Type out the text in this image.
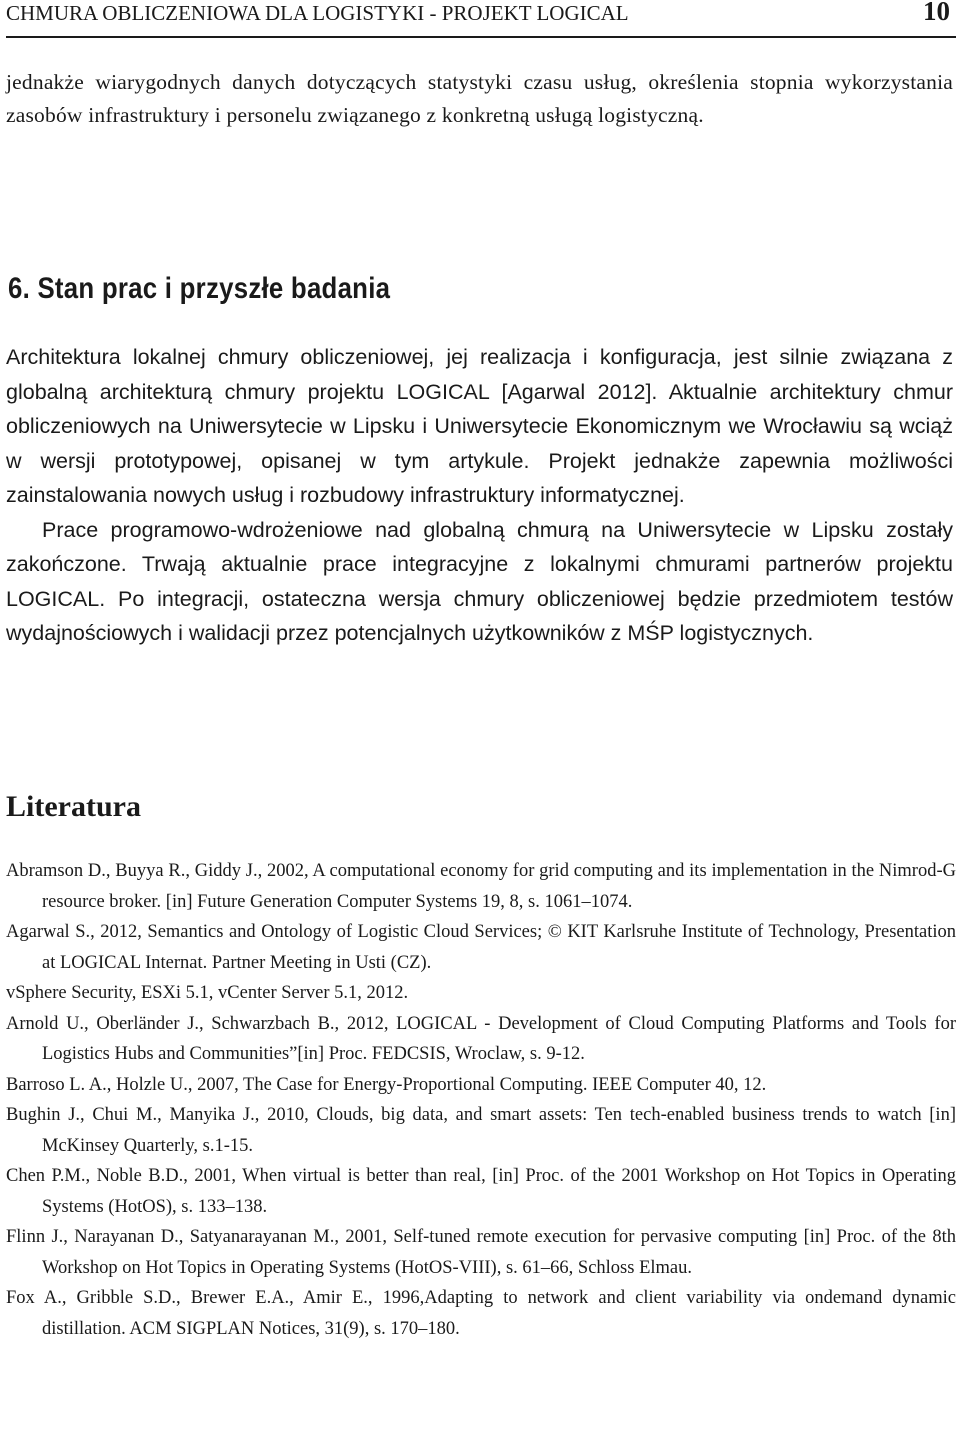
CHMURA OBLICZENIOWA DLA LOGISTYKI - PROJEKT LOGICAL	10
jednakże wiarygodnych danych dotyczących statystyki czasu usług, określenia stopnia wykorzystania zasobów infrastruktury i personelu związanego z konkretną usługą logistyczną.
6. Stan prac i przyszłe badania

Architektura lokalnej chmury obliczeniowej, jej realizacja i konfiguracja, jest silnie związana z globalną architekturą chmury projektu LOGICAL [Agarwal 2012]. Aktualnie architektury chmur obliczeniowych na Uniwersytecie w Lipsku i Uniwersytecie Ekonomicznym we Wrocławiu są wciąż w wersji prototypowej, opisanej w tym artykule. Projekt jednakże zapewnia możliwości zainstalowania nowych usług i rozbudowy infrastruktury informatycznej.

Prace programowo-wdrożeniowe nad globalną chmurą na Uniwersytecie w Lipsku zostały zakończone. Trwają aktualnie prace integracyjne z lokalnymi chmurami partnerów projektu LOGICAL. Po integracji, ostateczna wersja chmury obliczeniowej będzie przedmiotem testów wydajnościowych i walidacji przez potencjalnych użytkowników z MŚP logistycznych.

Literatura

Abramson D., Buyya R., Giddy J., 2002, A computational economy for grid computing and its implementation in the Nimrod-G resource broker. [in] Future Generation Computer Systems 19, 8, s. 1061–1074.

Agarwal S., 2012, Semantics and Ontology of Logistic Cloud Services; © KIT Karlsruhe Institute of Technology, Presentation at LOGICAL Internat. Partner Meeting in Usti (CZ).

vSphere Security, ESXi 5.1, vCenter Server 5.1, 2012.

Arnold U., Oberländer J., Schwarzbach B., 2012, LOGICAL - Development of Cloud Computing Platforms and Tools for Logistics Hubs and Communities”[in] Proc. FEDCSIS, Wroclaw, s. 9-12.

Barroso L. A., Holzle U., 2007, The Case for Energy-Proportional Computing. IEEE Computer 40, 12.

Bughin J., Chui M., Manyika J., 2010, Clouds, big data, and smart assets: Ten tech-enabled business trends to watch [in] McKinsey Quarterly, s.1-15.

Chen P.M., Noble B.D., 2001, When virtual is better than real, [in] Proc. of the 2001 Workshop on Hot Topics in Operating Systems (HotOS), s. 133–138.

Flinn J., Narayanan D., Satyanarayanan M., 2001, Self-tuned remote execution for pervasive computing [in] Proc. of the 8th Workshop on Hot Topics in Operating Systems (HotOS-VIII), s. 61–66, Schloss Elmau.

Fox A., Gribble S.D., Brewer E.A., Amir E., 1996,Adapting to network and client variability via ondemand dynamic distillation. ACM SIGPLAN Notices, 31(9), s. 170–180.
